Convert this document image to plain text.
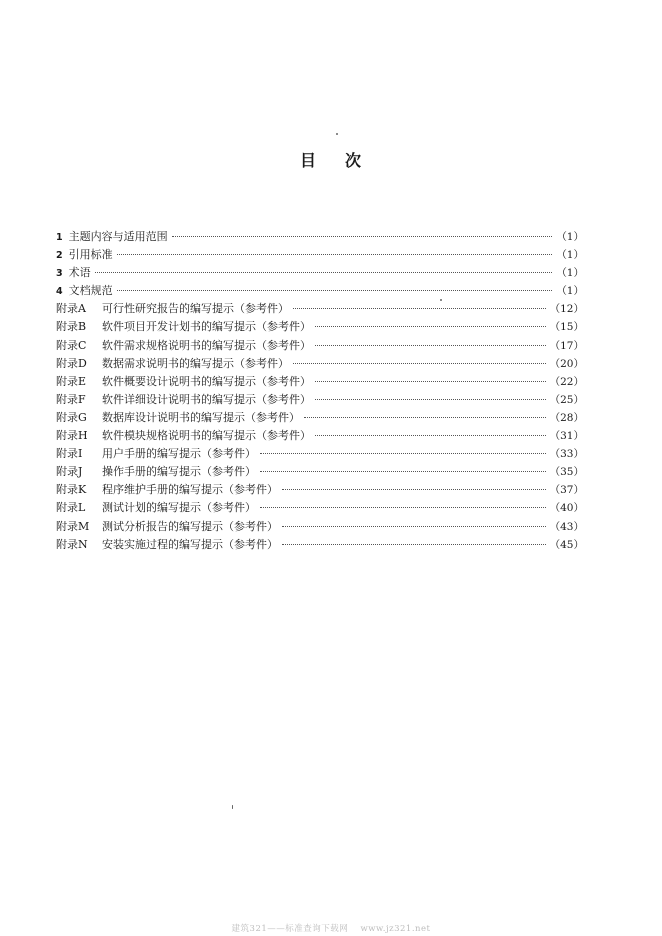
目 次
1 主题内容与适用范围	（1）
2 引用标准	（1）
3 术语	（1）
4 文档规范	（1）
附录A	可行性研究报告的编写提示（参考件）	（12）
附录B	软件项目开发计划书的编写提示（参考件）	（15）
附录C	软件需求规格说明书的编写提示（参考件）	（17）
附录D	数据需求说明书的编写提示（参考件）	（20）
附录E	软件概要设计说明书的编写提示（参考件）	（22）
附录F	软件详细设计说明书的编写提示（参考件）	（25）
附录G	数据库设计说明书的编写提示（参考件）	（28）
附录H	软件模块规格说明书的编写提示（参考件）	（31）
附录I	用户手册的编写提示（参考件）	（33）
附录J	操作手册的编写提示（参考件）	（35）
附录K	程序维护手册的编写提示（参考件）	（37）
附录L	测试计划的编写提示（参考件）	（40）
附录M	测试分析报告的编写提示（参考件）	（43）
附录N	安装实施过程的编写提示（参考件）	（45）
建筑321——标准查询下载网　 www.jz321.net
